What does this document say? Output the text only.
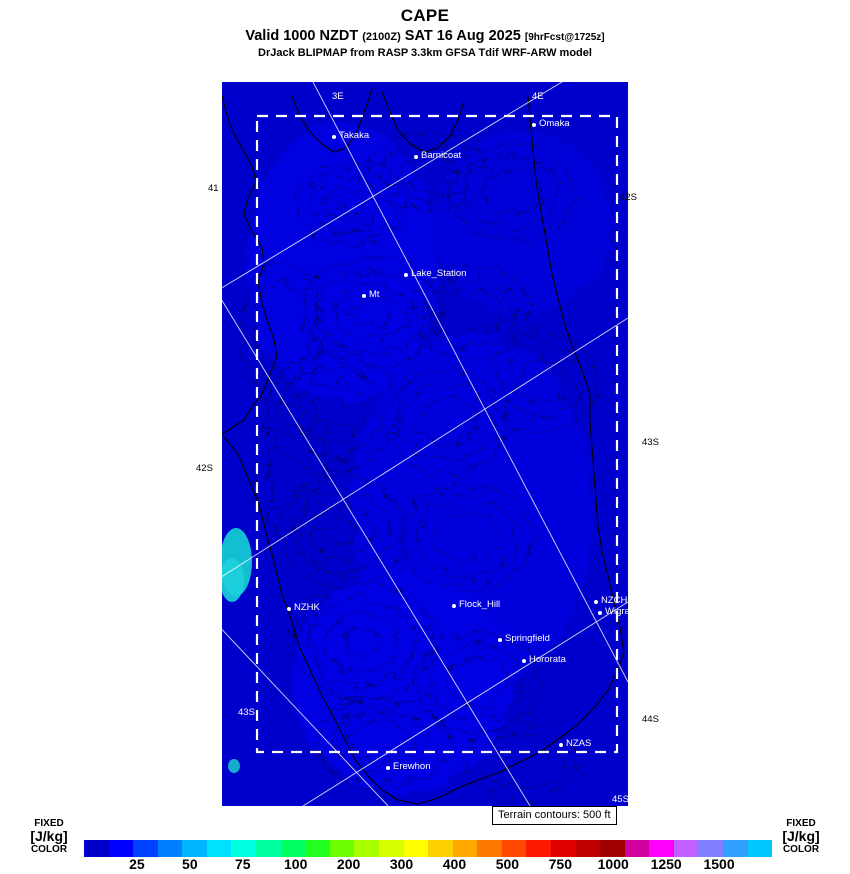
CAPE
Valid 1000 NZDT (2100Z) SAT 16 Aug 2025 [9hrFcst@1725z]
DrJack BLIPMAP from RASP 3.3km GFSA Tdif WRF-ARW model
Takaka
Omaka
Barnicoat
Lake_Station
Mt
NZHK	Flock_Hill	NZCH
Wigram
Springfield
Hororata
NZAS
Erewhon
41
42S
42S
43S
44S
43S
3E	4E
45S
Terrain contours: 500 ft
FIXED
[J/kg]
COLOR
FIXED
[J/kg]
COLOR
25	50	75 100 200 300 400 500 750 1000 1250 1500
